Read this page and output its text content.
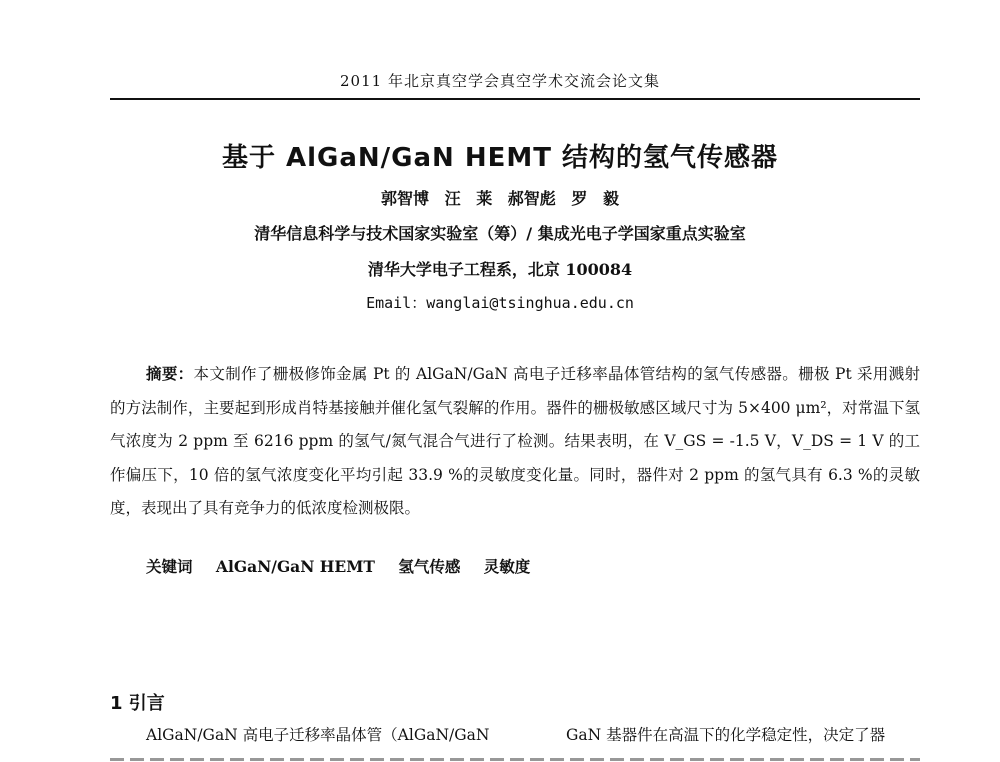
2011 年北京真空学会真空学术交流会论文集
基于 AlGaN/GaN HEMT 结构的氢气传感器
郭智博 汪 莱 郝智彪 罗 毅
清华信息科学与技术国家实验室（筹）/ 集成光电子学国家重点实验室
清华大学电子工程系，北京 100084
Email：wanglai@tsinghua.edu.cn
摘要：本文制作了栅极修饰金属 Pt 的 AlGaN/GaN 高电子迁移率晶体管结构的氢气传感器。栅极 Pt 采用溅射的方法制作，主要起到形成肖特基接触并催化氢气裂解的作用。器件的栅极敏感区域尺寸为 5×400 μm²，对常温下氢气浓度为 2 ppm 至 6216 ppm 的氢气/氮气混合气进行了检测。结果表明，在 V_GS = -1.5 V，V_DS = 1 V 的工作偏压下，10 倍的氢气浓度变化平均引起 33.9 %的灵敏度变化量。同时，器件对 2 ppm 的氢气具有 6.3 %的灵敏度，表现出了具有竞争力的低浓度检测极限。
关键词 AlGaN/GaN HEMT 氢气传感 灵敏度
1 引言
AlGaN/GaN 高电子迁移率晶体管（AlGaN/GaN	GaN 基器件在高温下的化学稳定性，决定了器
